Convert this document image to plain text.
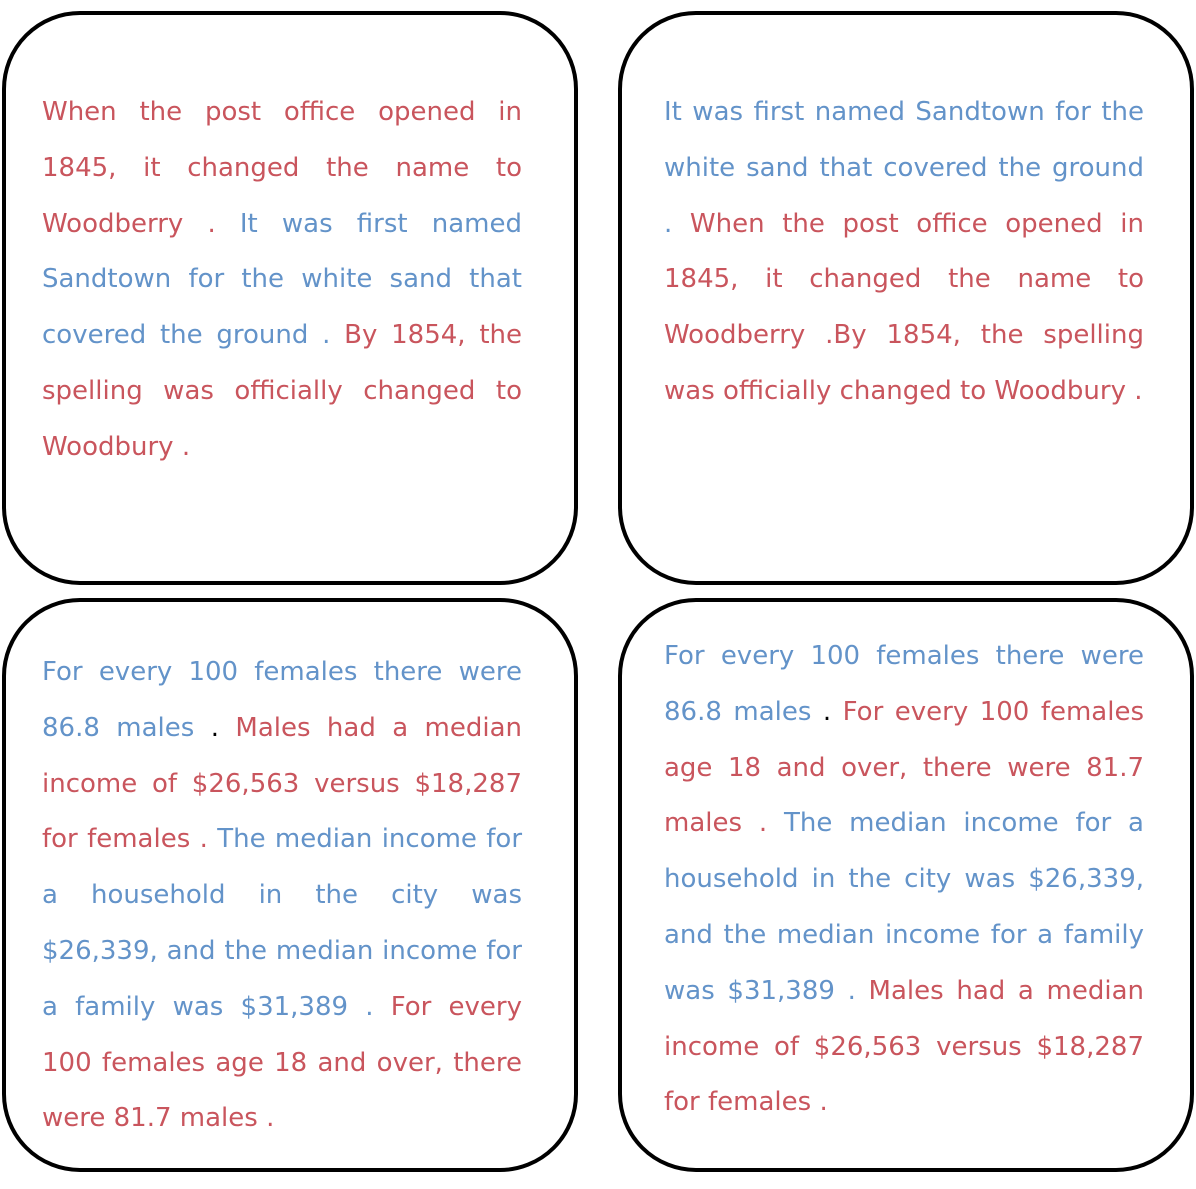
When the post office opened in 1845, it changed the name to Woodberry . It was first named Sandtown for the white sand that covered the ground . By 1854, the spelling was officially changed to Woodbury .

It was first named Sandtown for the white sand that covered the ground . When the post office opened in 1845, it changed the name to Woodberry .By 1854, the spelling was officially changed to Woodbury .

For every 100 females there were 86.8 males . Males had a median income of $26,563 versus $18,287 for females . The median income for a household in the city was $26,339, and the median income for a family was $31,389 . For every 100 females age 18 and over, there were 81.7 males .

For every 100 females there were 86.8 males . For every 100 females age 18 and over, there were 81.7 males . The median income for a household in the city was $26,339, and the median income for a family was $31,389 . Males had a median income of $26,563 versus $18,287 for females .
